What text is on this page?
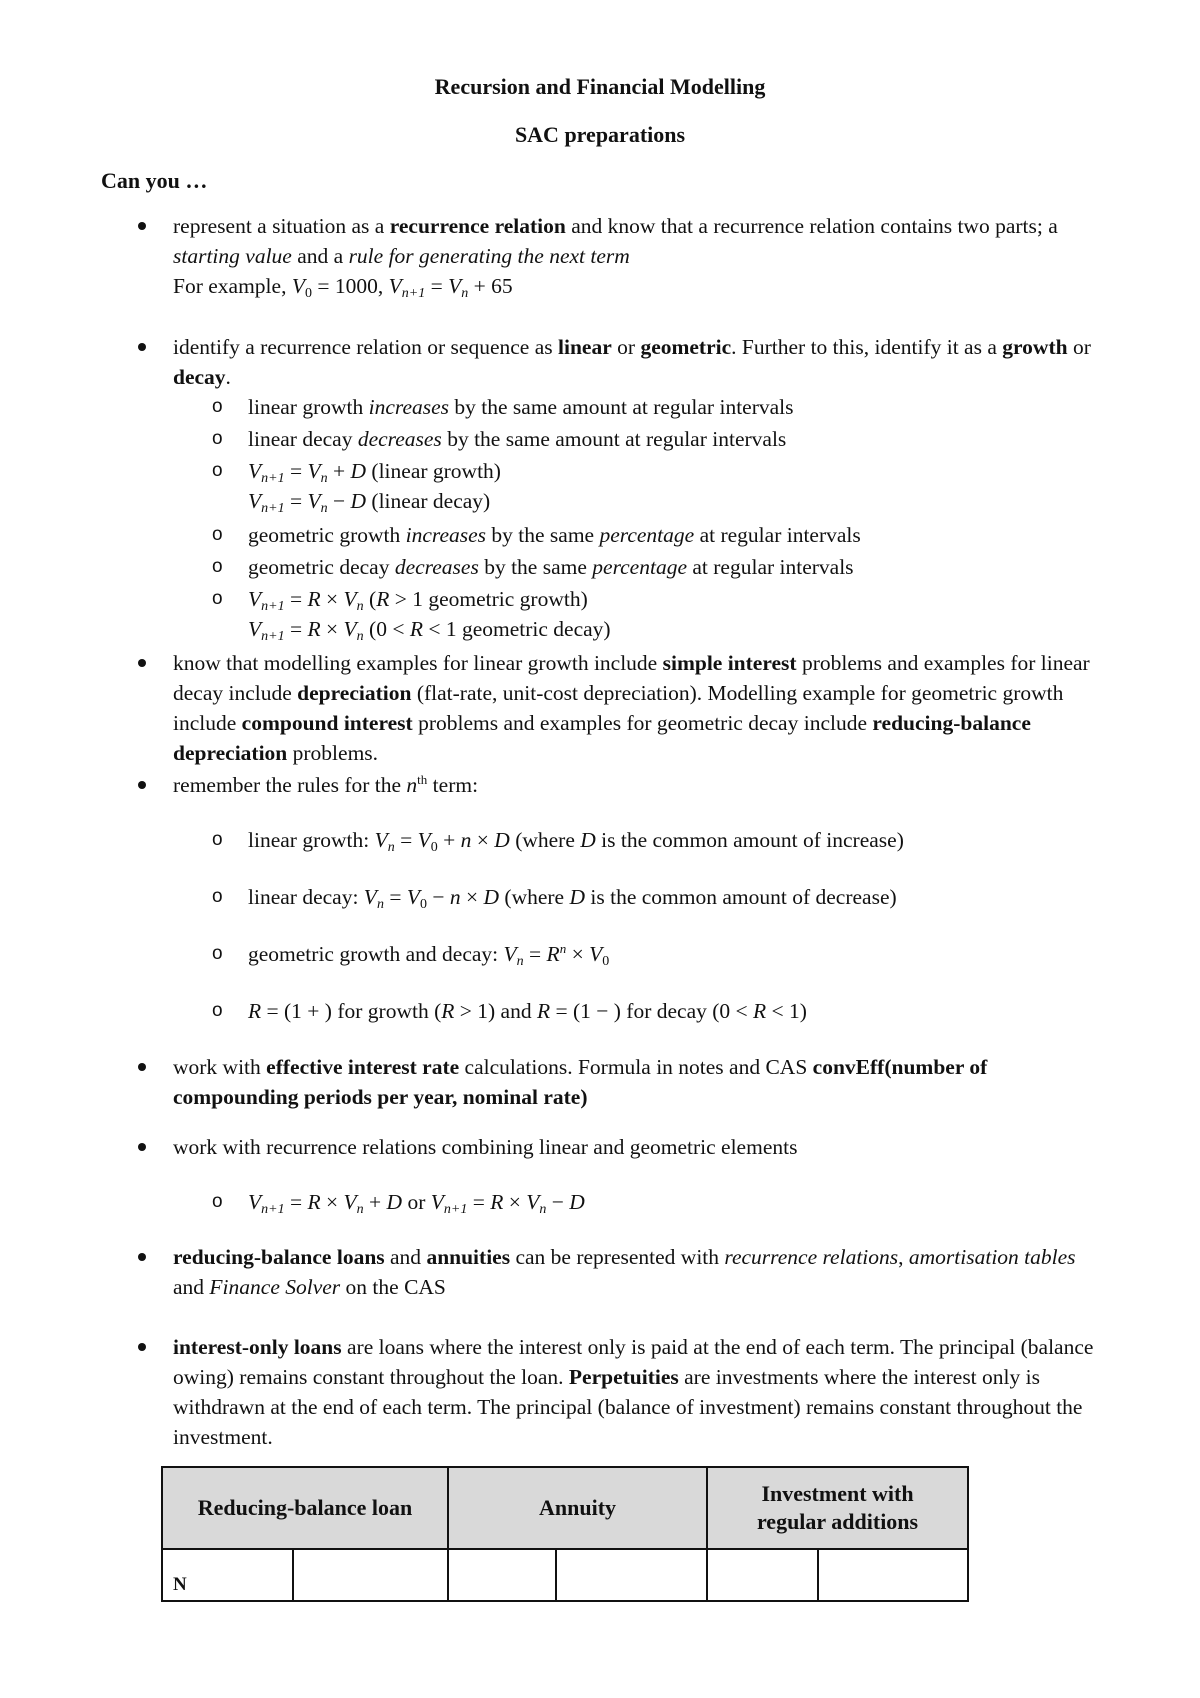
Recursion and Financial Modelling
SAC preparations
Can you …
represent a situation as a recurrence relation and know that a recurrence relation contains two parts; a starting value and a rule for generating the next term
For example, $V_0 = 1000$, $V_{n+1} = V_n + 65$
identify a recurrence relation or sequence as linear or geometric. Further to this, identify it as a growth or decay.
o linear growth increases by the same amount at regular intervals
o linear decay decreases by the same amount at regular intervals
o $V_{n+1} = V_n + D$ (linear growth)
$V_{n+1} = V_n - D$ (linear decay)
o geometric growth increases by the same percentage at regular intervals
o geometric decay decreases by the same percentage at regular intervals
o $V_{n+1} = R \times V_n$ (R > 1 geometric growth)
$V_{n+1} = R \times V_n$ (0 < R < 1 geometric decay)
know that modelling examples for linear growth include simple interest problems and examples for linear decay include depreciation (flat-rate, unit-cost depreciation). Modelling example for geometric growth include compound interest problems and examples for geometric decay include reducing-balance depreciation problems.
remember the rules for the $n^{th}$ term:
o linear growth: $V_n = V_0 + n \times D$ (where D is the common amount of increase)
o linear decay: $V_n = V_0 - n \times D$ (where D is the common amount of decrease)
o geometric growth and decay: $V_n = R^n \times V_0$
o R = (1 + ) for growth (R > 1) and R = (1 − ) for decay (0 < R < 1)
work with effective interest rate calculations. Formula in notes and CAS convEff(number of compounding periods per year, nominal rate)
work with recurrence relations combining linear and geometric elements
o $V_{n+1} = R \times V_n + D$ or $V_{n+1} = R \times V_n - D$
reducing-balance loans and annuities can be represented with recurrence relations, amortisation tables and Finance Solver on the CAS
interest-only loans are loans where the interest only is paid at the end of each term. The principal (balance owing) remains constant throughout the loan. Perpetuities are investments where the interest only is withdrawn at the end of each term. The principal (balance of investment) remains constant throughout the investment.
Reducing-balance loan		Annuity		Investment with regular additions	
N					
